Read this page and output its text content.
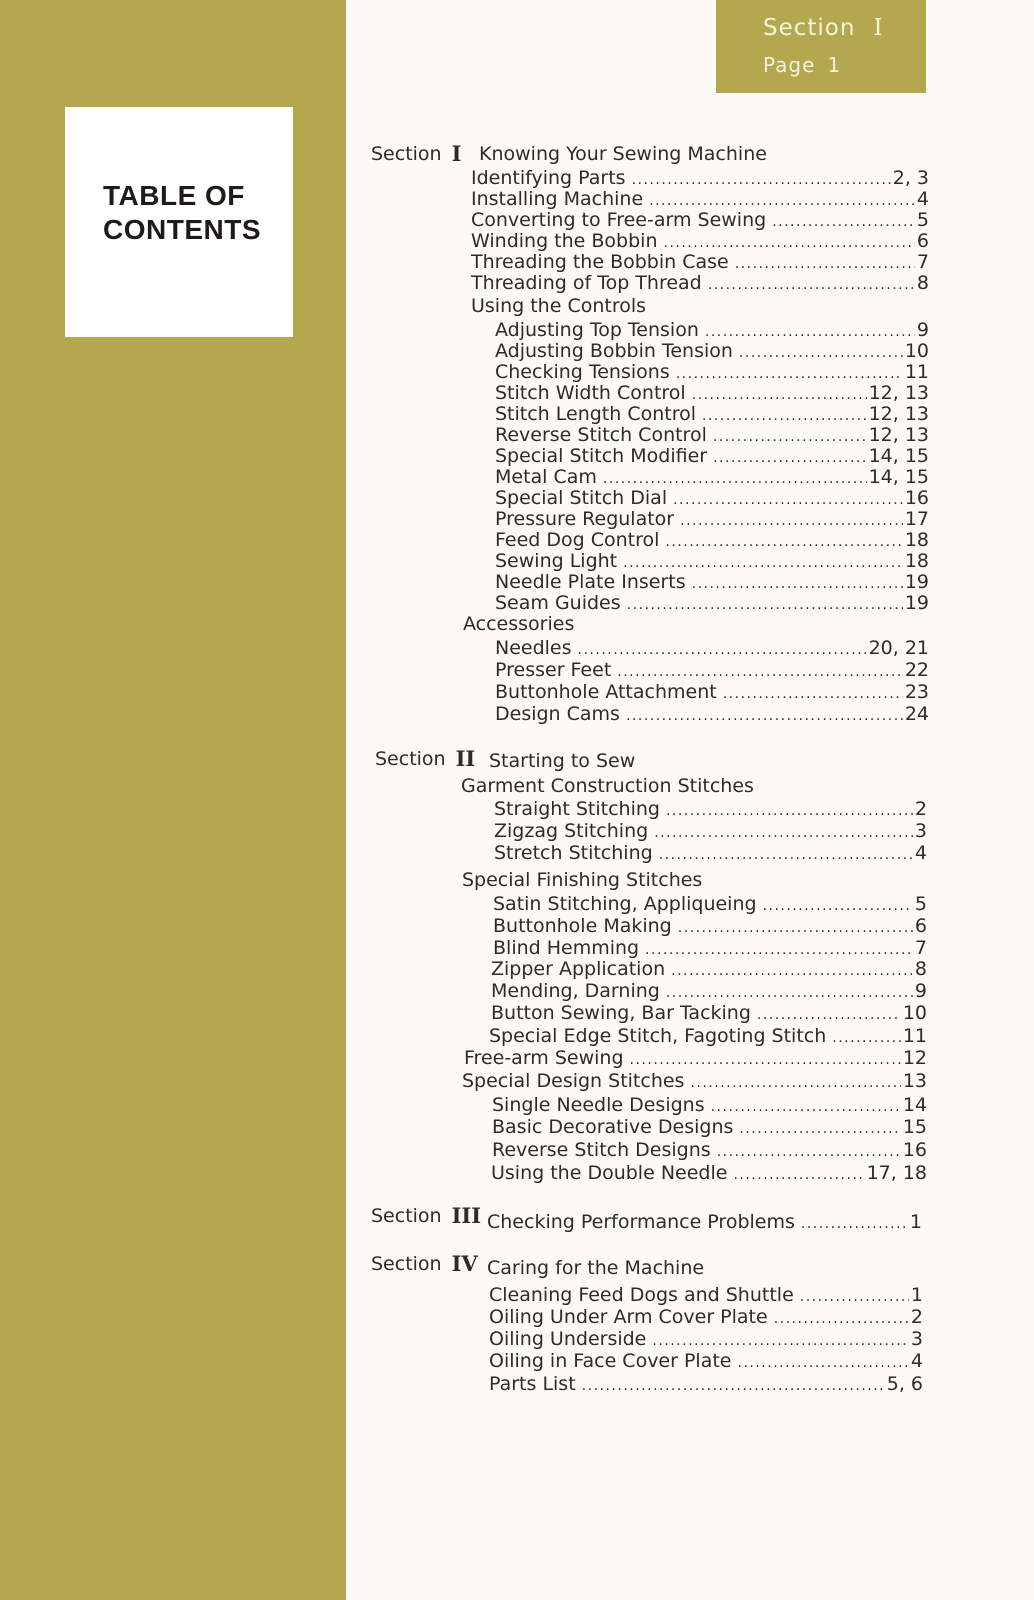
TABLE OF
CONTENTS
Section I
Page 1
Section I Knowing Your Sewing Machine
Section II Starting to Sew
Section III
Section IV Caring for the Machine
Using the Controls
Accessories
Garment Construction Stitches
Special Finishing Stitches
Identifying Parts .....	2, 3
Installing Machine .....	4
Converting to Free-arm Sewing .....	5
Winding the Bobbin .....	6
Threading the Bobbin Case .....	7
Threading of Top Thread .....	8
Adjusting Top Tension .....	9
Adjusting Bobbin Tension .....	10
Checking Tensions .....	11
Stitch Width Control .....	12, 13
Stitch Length Control .....	12, 13
Reverse Stitch Control .....	12, 13
Special Stitch Modifier .....	14, 15
Metal Cam .....	14, 15
Special Stitch Dial .....	16
Pressure Regulator .....	17
Feed Dog Control .....	18
Sewing Light .....	18
Needle Plate Inserts .....	19
Seam Guides .....	19
Needles .....	20, 21
Presser Feet .....	22
Buttonhole Attachment .....	23
Design Cams .....	24
Straight Stitching .....	2
Zigzag Stitching .....	3
Stretch Stitching .....	4
Satin Stitching, Appliqueing .....	5
Buttonhole Making .....	6
Blind Hemming .....	7
Zipper Application .....	8
Mending, Darning .....	9
Button Sewing, Bar Tacking .....	10
Special Edge Stitch, Fagoting Stitch .....	11
Free-arm Sewing .....	12
Special Design Stitches .....	13
Single Needle Designs .....	14
Basic Decorative Designs .....	15
Reverse Stitch Designs .....	16
Using the Double Needle .....	17, 18
Checking Performance Problems .....	1
Cleaning Feed Dogs and Shuttle .....	1
Oiling Under Arm Cover Plate .....	2
Oiling Underside .....	3
Oiling in Face Cover Plate .....	4
Parts List .....	5, 6
